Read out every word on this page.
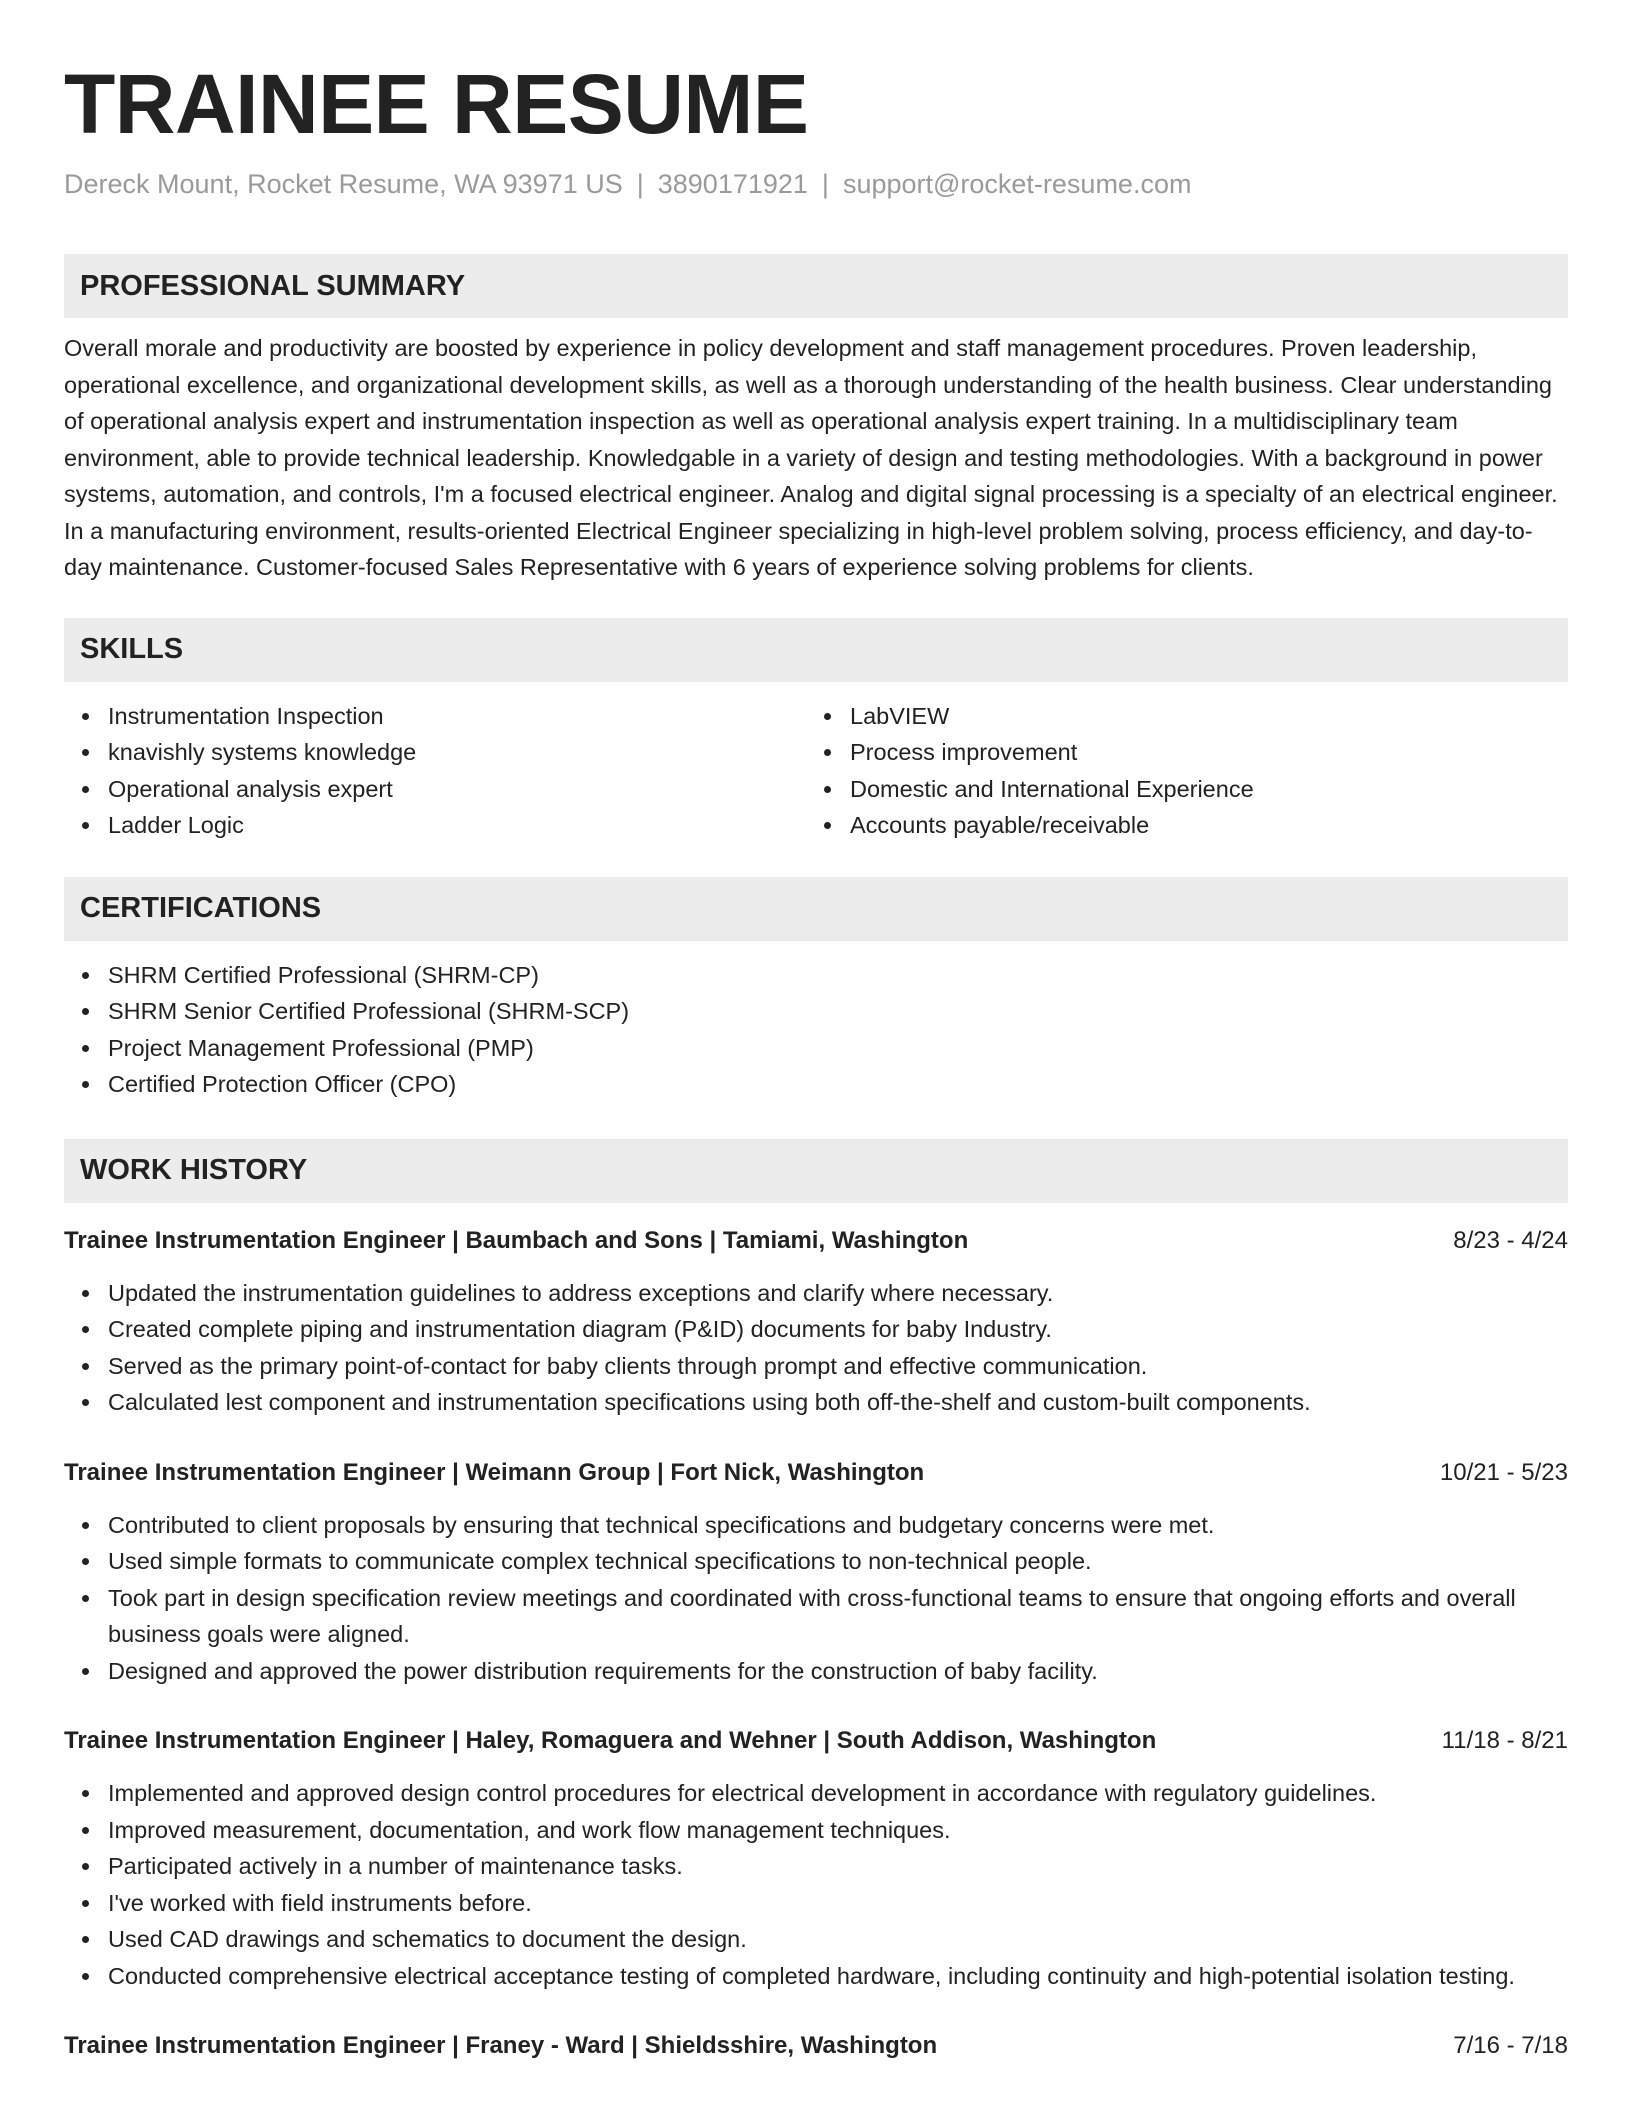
TRAINEE RESUME
Dereck Mount, Rocket Resume, WA 93971 US | 3890171921 | support@rocket-resume.com
PROFESSIONAL SUMMARY

Overall morale and productivity are boosted by experience in policy development and staff management procedures. Proven leadership, operational excellence, and organizational development skills, as well as a thorough understanding of the health business. Clear understanding of operational analysis expert and instrumentation inspection as well as operational analysis expert training. In a multidisciplinary team environment, able to provide technical leadership. Knowledgable in a variety of design and testing methodologies. With a background in power systems, automation, and controls, I'm a focused electrical engineer. Analog and digital signal processing is a specialty of an electrical engineer. In a manufacturing environment, results-oriented Electrical Engineer specializing in high-level problem solving, process efficiency, and day-to-day maintenance. Customer-focused Sales Representative with 6 years of experience solving problems for clients.

SKILLS
Instrumentation Inspection
knavishly systems knowledge
Operational analysis expert
Ladder Logic
LabVIEW
Process improvement
Domestic and International Experience
Accounts payable/receivable
CERTIFICATIONS
SHRM Certified Professional (SHRM-CP)
SHRM Senior Certified Professional (SHRM-SCP)
Project Management Professional (PMP)
Certified Protection Officer (CPO)
WORK HISTORY
Trainee Instrumentation Engineer | Baumbach and Sons | Tamiami, Washington	8/23 - 4/24
Updated the instrumentation guidelines to address exceptions and clarify where necessary.
Created complete piping and instrumentation diagram (P&ID) documents for baby Industry.
Served as the primary point-of-contact for baby clients through prompt and effective communication.
Calculated lest component and instrumentation specifications using both off-the-shelf and custom-built components.
Trainee Instrumentation Engineer | Weimann Group | Fort Nick, Washington	10/21 - 5/23
Contributed to client proposals by ensuring that technical specifications and budgetary concerns were met.
Used simple formats to communicate complex technical specifications to non-technical people.
Took part in design specification review meetings and coordinated with cross-functional teams to ensure that ongoing efforts and overall business goals were aligned.
Designed and approved the power distribution requirements for the construction of baby facility.
Trainee Instrumentation Engineer | Haley, Romaguera and Wehner | South Addison, Washington	11/18 - 8/21
Implemented and approved design control procedures for electrical development in accordance with regulatory guidelines.
Improved measurement, documentation, and work flow management techniques.
Participated actively in a number of maintenance tasks.
I've worked with field instruments before.
Used CAD drawings and schematics to document the design.
Conducted comprehensive electrical acceptance testing of completed hardware, including continuity and high-potential isolation testing.
Trainee Instrumentation Engineer | Franey - Ward | Shieldsshire, Washington	7/16 - 7/18
